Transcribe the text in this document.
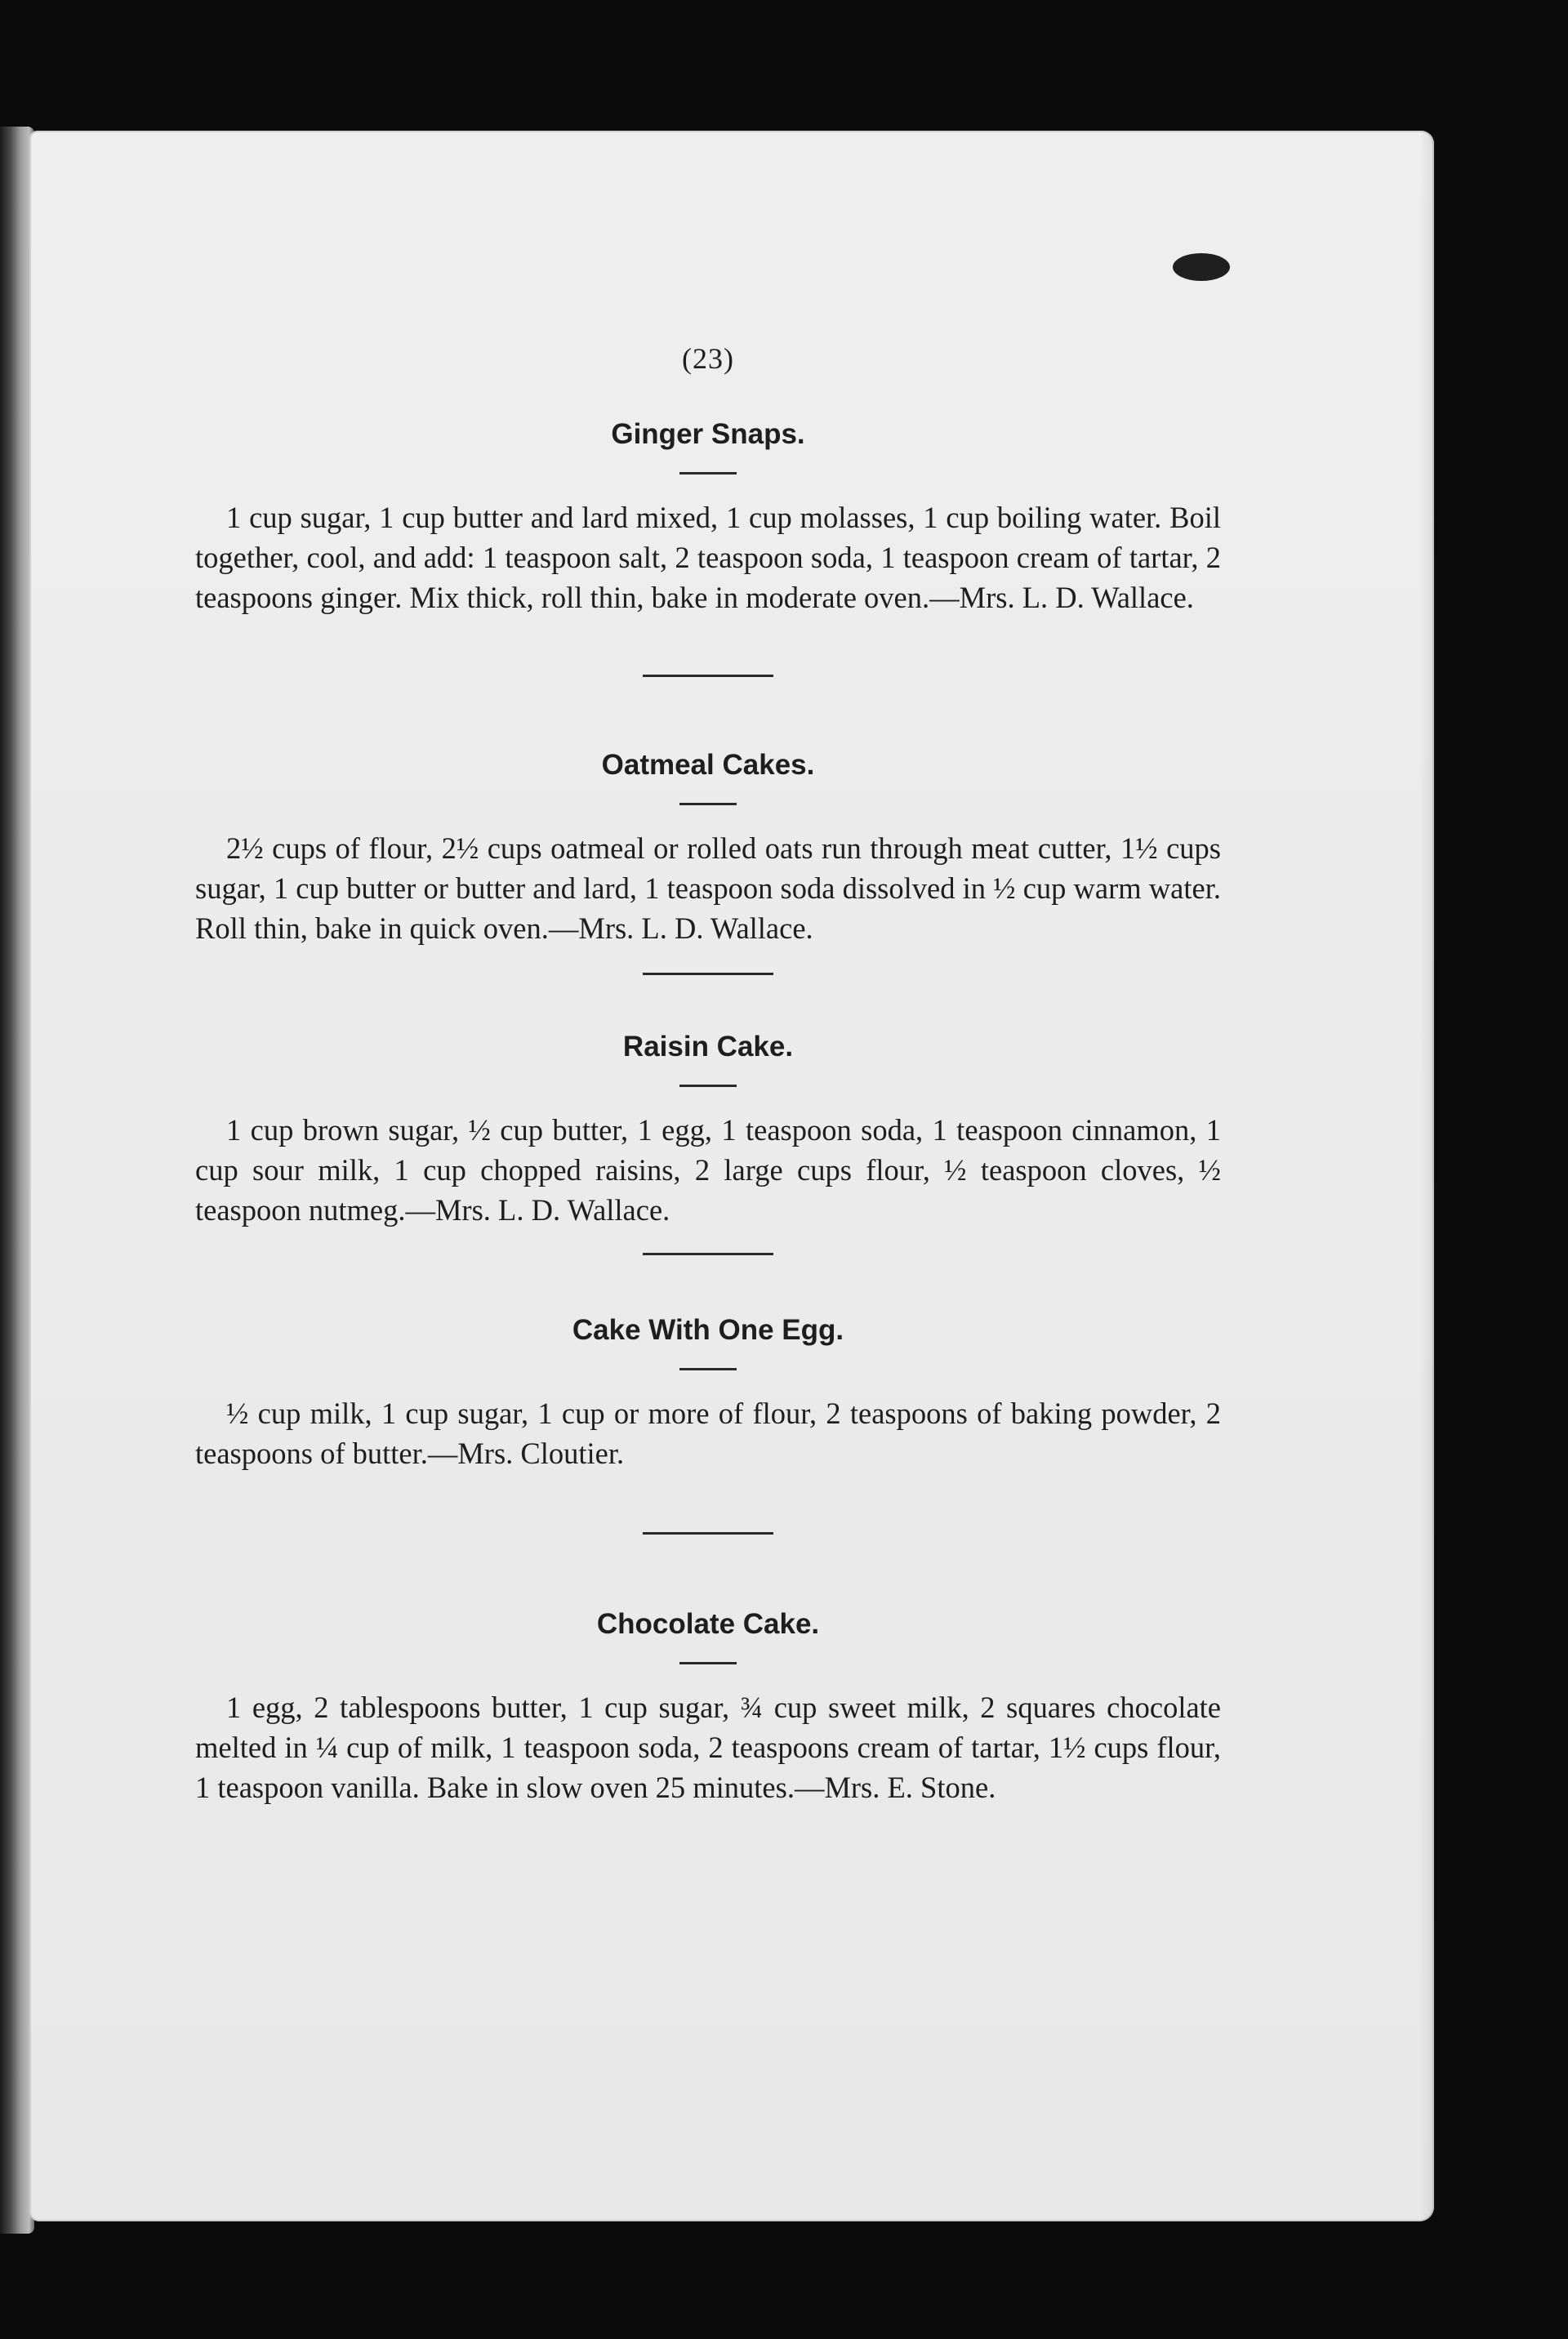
(23)
Ginger Snaps.

1 cup sugar, 1 cup butter and lard mixed, 1 cup molasses, 1 cup boiling water. Boil together, cool, and add: 1 teaspoon salt, 2 teaspoon soda, 1 teaspoon cream of tartar, 2 teaspoons ginger. Mix thick, roll thin, bake in moderate oven.—Mrs. L. D. Wallace.

Oatmeal Cakes.

2½ cups of flour, 2½ cups oatmeal or rolled oats run through meat cutter, 1½ cups sugar, 1 cup butter or butter and lard, 1 teaspoon soda dissolved in ½ cup warm water. Roll thin, bake in quick oven.—Mrs. L. D. Wallace.

Raisin Cake.

1 cup brown sugar, ½ cup butter, 1 egg, 1 teaspoon soda, 1 teaspoon cinnamon, 1 cup sour milk, 1 cup chopped raisins, 2 large cups flour, ½ teaspoon cloves, ½ teaspoon nutmeg.—Mrs. L. D. Wallace.

Cake With One Egg.

½ cup milk, 1 cup sugar, 1 cup or more of flour, 2 teaspoons of baking powder, 2 teaspoons of butter.—Mrs. Cloutier.

Chocolate Cake.

1 egg, 2 tablespoons butter, 1 cup sugar, ¾ cup sweet milk, 2 squares chocolate melted in ¼ cup of milk, 1 teaspoon soda, 2 teaspoons cream of tartar, 1½ cups flour, 1 teaspoon vanilla. Bake in slow oven 25 minutes.—Mrs. E. Stone.
